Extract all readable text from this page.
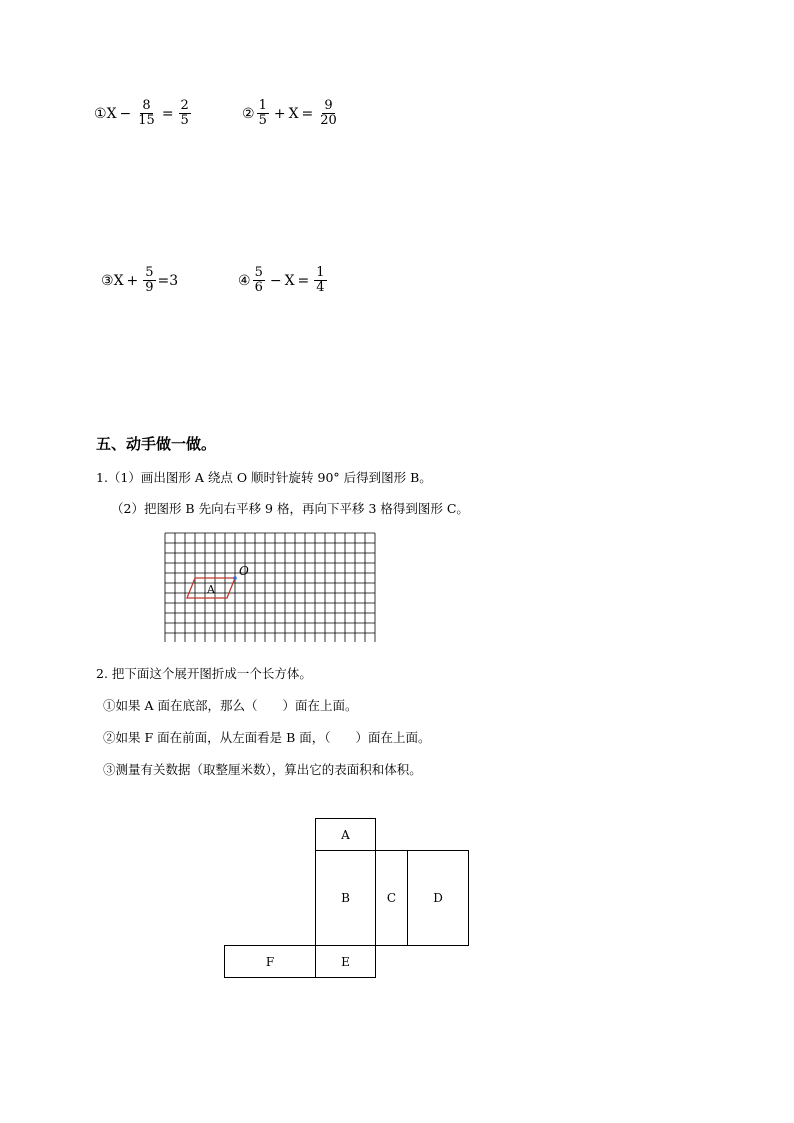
① $X - \frac{8}{15} = \frac{2}{5}$	② $\frac{1}{5} + X = \frac{9}{20}$
③ $X + \frac{5}{9} =3$	④ $\frac{5}{6} - X = \frac{1}{4}$
五、动手做一做。
1.（1）画出图形 A 绕点 O 顺时针旋转 90° 后得到图形 B。
（2）把图形 B 先向右平移 9 格，再向下平移 3 格得到图形 C。
A
O
2. 把下面这个展开图折成一个长方体。
①如果 A 面在底部，那么（　　）面在上面。
②如果 F 面在前面，从左面看是 B 面，（　　）面在上面。
③测量有关数据（取整厘米数），算出它的表面积和体积。
A
B	C	D
E
F
